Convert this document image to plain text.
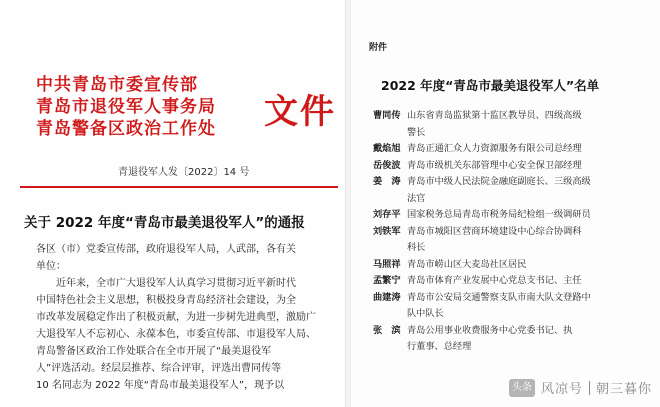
中共青岛市委宣传部
青岛市退役军人事务局
青岛警备区政治工作处	文件
青退役军人发〔2022〕14 号
关于 2022 年度“青岛市最美退役军人”的通报
各区（市）党委宣传部，政府退役军人局，人武部，各有关
单位：
　　近年来，全市广大退役军人认真学习贯彻习近平新时代
中国特色社会主义思想，积极投身青岛经济社会建设，为全
市改革发展稳定作出了积极贡献，为进一步树先进典型，激励广
大退役军人不忘初心、永葆本色，市委宣传部、市退役军人局、
青岛警备区政治工作处联合在全市开展了“最美退役军
人”评选活动。经层层推荐、综合评审，评选出曹同传等
10 名同志为 2022 年度“青岛市最美退役军人”，现予以
附件
2022 年度“青岛市最美退役军人”名单
曹同传 山东省青岛监狱第十监区教导员、四级高级
警长
戴焰旭 青岛正通汇众人力资源服务有限公司总经理
岳俊波 青岛市级机关东部管理中心安全保卫部经理
姜　涛 青岛市中级人民法院金融庭副庭长、三级高级
法官
刘存平 国家税务总局青岛市税务局纪检组一级调研员
刘铁军 青岛市城阳区营商环境建设中心综合协调科
科长
马照祥 青岛市崂山区大麦岛社区居民
孟繁宁 青岛市体育产业发展中心党总支书记、主任
曲建涛 青岛市公安局交通警察支队市南大队文登路中
队中队长
张　滨 青岛公用事业收费服务中心党委书记、执
行董事、总经理
头条 风凉号 朝三暮你
